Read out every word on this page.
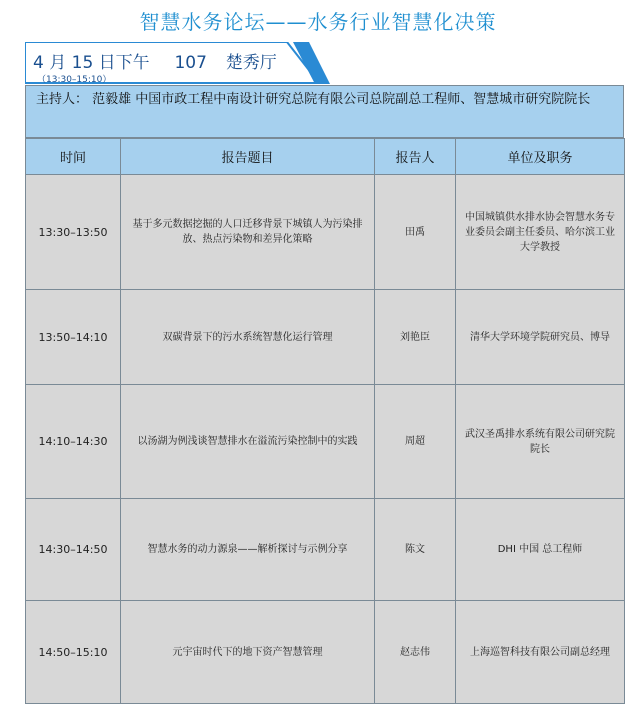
智慧水务论坛——水务行业智慧化决策
4 月 15 日下午 107 楚秀厅
（13:30–15:10）
主持人： 范毅雄 中国市政工程中南设计研究总院有限公司总院副总工程师、智慧城市研究院院长
时间	报告题目	报告人	单位及职务
13:30–13:50	基于多元数据挖掘的人口迁移背景下城镇人为污染排放、热点污染物和差异化策略	田禹	中国城镇供水排水协会智慧水务专业委员会副主任委员、哈尔滨工业大学教授
13:50–14:10	双碳背景下的污水系统智慧化运行管理	刘艳臣	清华大学环境学院研究员、博导
14:10–14:30	以汤湖为例浅谈智慧排水在溢流污染控制中的实践	周超	武汉圣禹排水系统有限公司研究院院长
14:30–14:50	智慧水务的动力源泉——解析探讨与示例分享	陈文	DHI 中国 总工程师
14:50–15:10	元宇宙时代下的地下资产智慧管理	赵志伟	上海巡智科技有限公司副总经理
